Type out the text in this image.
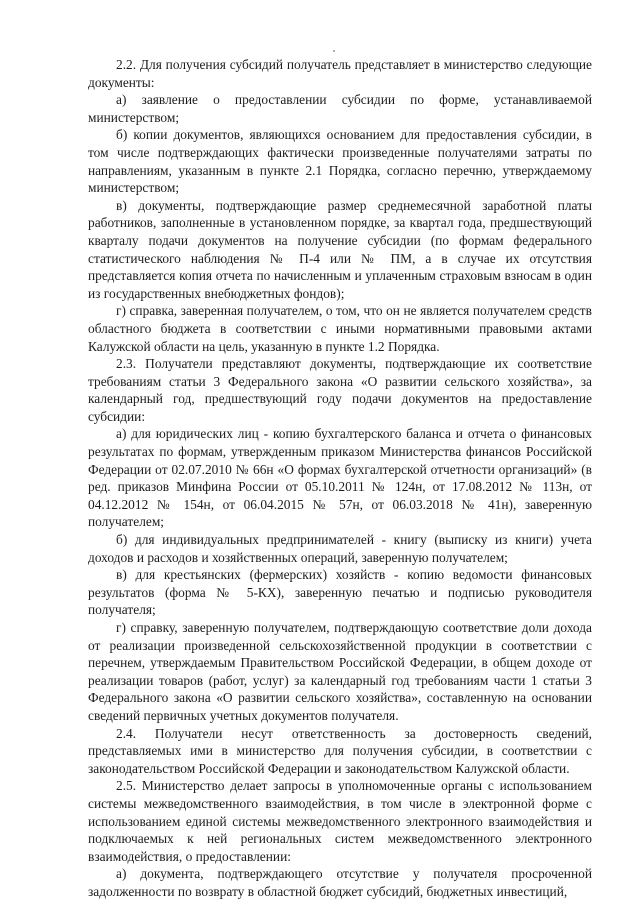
2.2. Для получения субсидий получатель представляет в министерство следующие документы:

а) заявление о предоставлении субсидии по форме, устанавливаемой министерством;

б) копии документов, являющихся основанием для предоставления субсидии, в том числе подтверждающих фактически произведенные получателями затраты по направлениям, указанным в пункте 2.1 Порядка, согласно перечню, утверждаемому министерством;

в) документы, подтверждающие размер среднемесячной заработной платы работников, заполненные в установленном порядке, за квартал года, предшествующий кварталу подачи документов на получение субсидии (по формам федерального статистического наблюдения № П-4 или № ПМ, а в случае их отсутствия представляется копия отчета по начисленным и уплаченным страховым взносам в один из государственных внебюджетных фондов);

г) справка, заверенная получателем, о том, что он не является получателем средств областного бюджета в соответствии с иными нормативными правовыми актами Калужской области на цель, указанную в пункте 1.2 Порядка.

2.3. Получатели представляют документы, подтверждающие их соответствие требованиям статьи 3 Федерального закона «О развитии сельского хозяйства», за календарный год, предшествующий году подачи документов на предоставление субсидии:

а) для юридических лиц - копию бухгалтерского баланса и отчета о финансовых результатах по формам, утвержденным приказом Министерства финансов Российской Федерации от 02.07.2010 № 66н «О формах бухгалтерской отчетности организаций» (в ред. приказов Минфина России от 05.10.2011 № 124н, от 17.08.2012 № 113н, от 04.12.2012 № 154н, от 06.04.2015 № 57н, от 06.03.2018 № 41н), заверенную получателем;

б) для индивидуальных предпринимателей - книгу (выписку из книги) учета доходов и расходов и хозяйственных операций, заверенную получателем;

в) для крестьянских (фермерских) хозяйств - копию ведомости финансовых результатов (форма № 5-КХ), заверенную печатью и подписью руководителя получателя;

г) справку, заверенную получателем, подтверждающую соответствие доли дохода от реализации произведенной сельскохозяйственной продукции в соответствии с перечнем, утверждаемым Правительством Российской Федерации, в общем доходе от реализации товаров (работ, услуг) за календарный год требованиям части 1 статьи 3 Федерального закона «О развитии сельского хозяйства», составленную на основании сведений первичных учетных документов получателя.

2.4. Получатели несут ответственность за достоверность сведений, представляемых ими в министерство для получения субсидии, в соответствии с законодательством Российской Федерации и законодательством Калужской области.

2.5. Министерство делает запросы в уполномоченные органы с использованием системы межведомственного взаимодействия, в том числе в электронной форме с использованием единой системы межведомственного электронного взаимодействия и подключаемых к ней региональных систем межведомственного электронного взаимодействия, о предоставлении:

а) документа, подтверждающего отсутствие у получателя просроченной задолженности по возврату в областной бюджет субсидий, бюджетных инвестиций,
